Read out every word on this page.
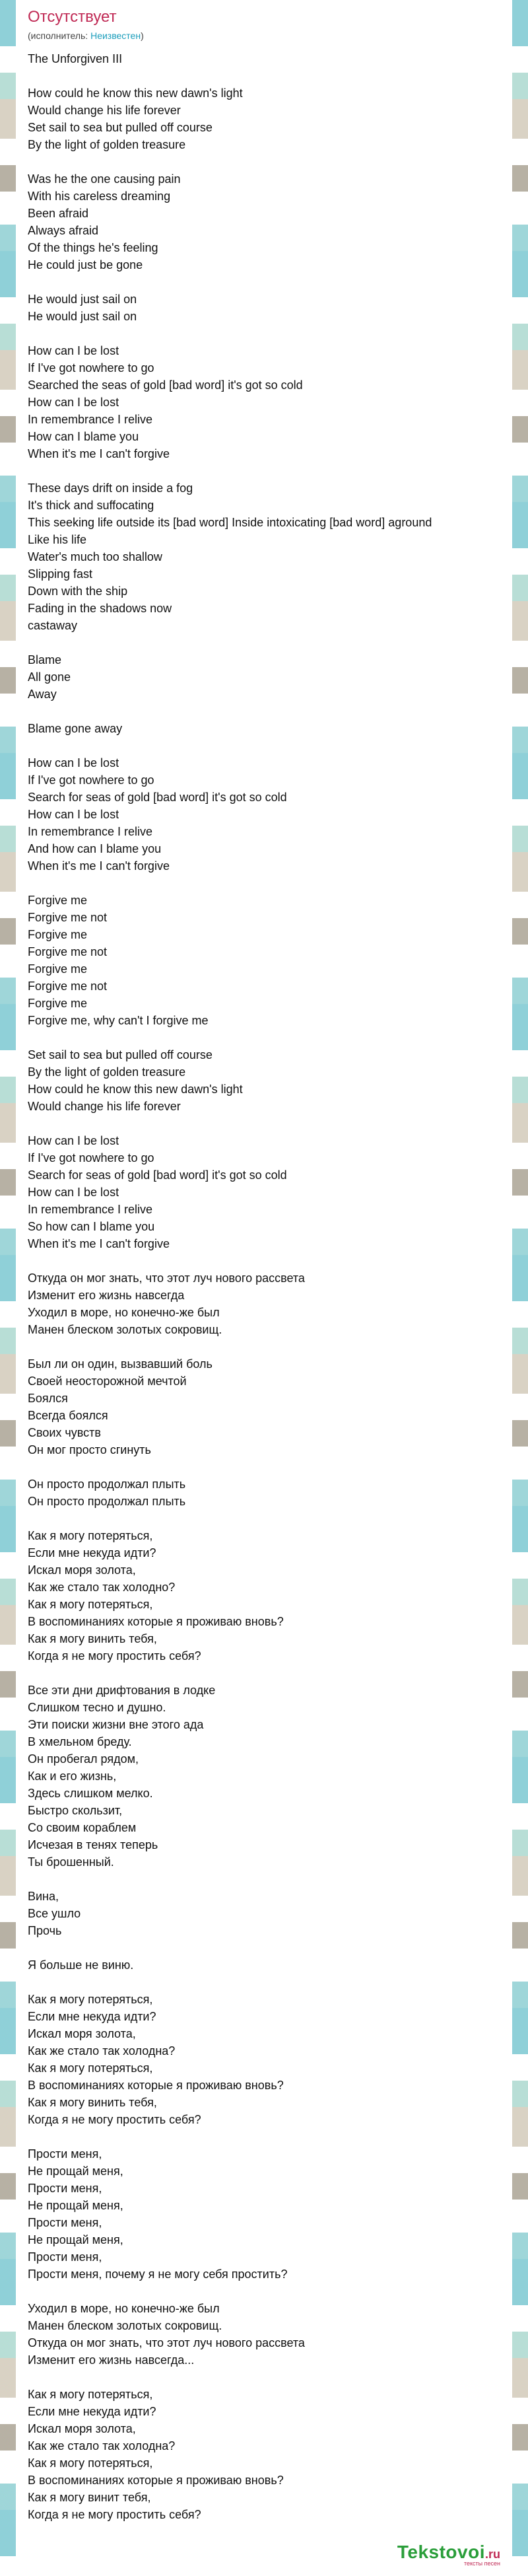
Отсутствует
(исполнитель: Неизвестен)
The Unforgiven III
How could he know this new dawn's light
Would change his life forever
Set sail to sea but pulled off course
By the light of golden treasure
Was he the one causing pain
With his careless dreaming
Been afraid
Always afraid
Of the things he's feeling
He could just be gone
He would just sail on
He would just sail on
How can I be lost
If I've got nowhere to go
Searched the seas of gold [bad word] it's got so cold
How can I be lost
In remembrance I relive
How can I blame you
When it's me I can't forgive
These days drift on inside a fog
It's thick and suffocating
This seeking life outside its [bad word] Inside intoxicating [bad word] aground
Like his life
Water's much too shallow
Slipping fast
Down with the ship
Fading in the shadows now
castaway
Blame
All gone
Away
Blame gone away
How can I be lost
If I've got nowhere to go
Search for seas of gold [bad word] it's got so cold
How can I be lost
In remembrance I relive
And how can I blame you
When it's me I can't forgive
Forgive me
Forgive me not
Forgive me
Forgive me not
Forgive me
Forgive me not
Forgive me
Forgive me, why can't I forgive me
Set sail to sea but pulled off course
By the light of golden treasure
How could he know this new dawn's light
Would change his life forever
How can I be lost
If I've got nowhere to go
Search for seas of gold [bad word] it's got so cold
How can I be lost
In remembrance I relive
So how can I blame you
When it's me I can't forgive
Откуда он мог знать, что этот луч нового рассвета
Изменит его жизнь навсегда
Уходил в море, но конечно-же был
Манен блеском золотых сокровищ.
Был ли он один, вызвавший боль
Своей неосторожной мечтой
Боялся
Всегда боялся
Своих чувств
Он мог просто сгинуть
Он просто продолжал плыть
Он просто продолжал плыть
Как я могу потеряться,
Если мне некуда идти?
Искал моря золота,
Как же стало так холодно?
Как я могу потеряться,
В воспоминаниях которые я проживаю вновь?
Как я могу винить тебя,
Когда я не могу простить себя?
Все эти дни дрифтования в лодке
Слишком тесно и душно.
Эти поиски жизни вне этого ада
В хмельном бреду.
Он пробегал рядом,
Как и его жизнь,
Здесь слишком мелко.
Быстро скользит,
Со своим кораблем
Исчезая в тенях теперь
Ты брошенный.
Вина,
Все ушло
Прочь
Я больше не виню.
Как я могу потеряться,
Если мне некуда идти?
Искал моря золота,
Как же стало так холодна?
Как я могу потеряться,
В воспоминаниях которые я проживаю вновь?
Как я могу винить тебя,
Когда я не могу простить себя?
Прости меня,
Не прощай меня,
Прости меня,
Не прощай меня,
Прости меня,
Не прощай меня,
Прости меня,
Прости меня, почему я не могу себя простить?
Уходил в море, но конечно-же был
Манен блеском золотых сокровищ.
Откуда он мог знать, что этот луч нового рассвета
Изменит его жизнь навсегда...
Как я могу потеряться,
Если мне некуда идти?
Искал моря золота,
Как же стало так холодна?
Как я могу потеряться,
В воспоминаниях которые я проживаю вновь?
Как я могу винит тебя,
Когда я не могу простить себя?
Tekstovoi.ru
тексты песен
